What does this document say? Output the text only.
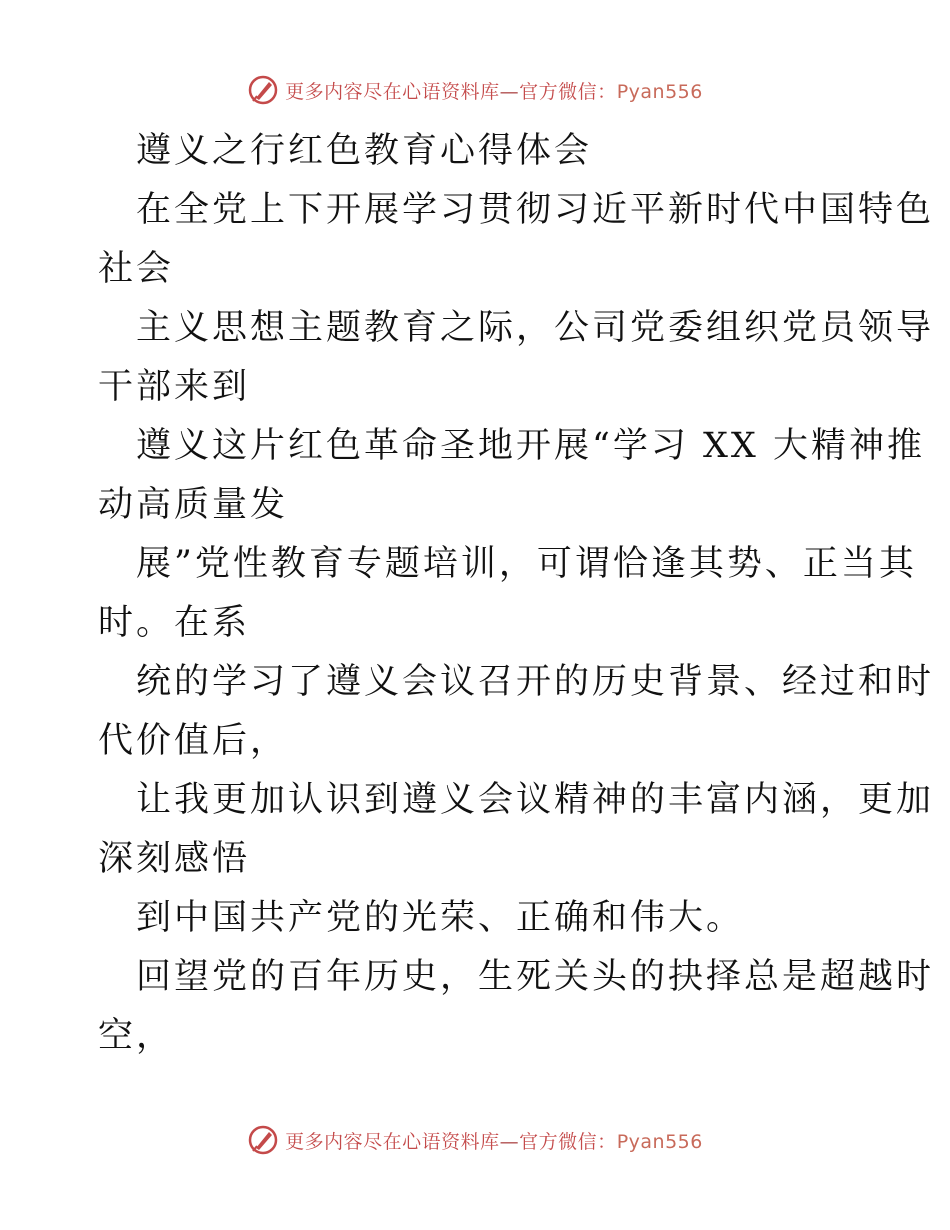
更多内容尽在心语资料库—官方微信：Pyan556
遵义之行红色教育心得体会
在全党上下开展学习贯彻习近平新时代中国特色
社会
主义思想主题教育之际，公司党委组织党员领导
干部来到
遵义这片红色革命圣地开展“学习 XX 大精神推
动高质量发
展”党性教育专题培训，可谓恰逢其势、正当其
时。在系
统的学习了遵义会议召开的历史背景、经过和时
代价值后，
让我更加认识到遵义会议精神的丰富内涵，更加
深刻感悟
到中国共产党的光荣、正确和伟大。
回望党的百年历史，生死关头的抉择总是超越时
空，
更多内容尽在心语资料库—官方微信：Pyan556
